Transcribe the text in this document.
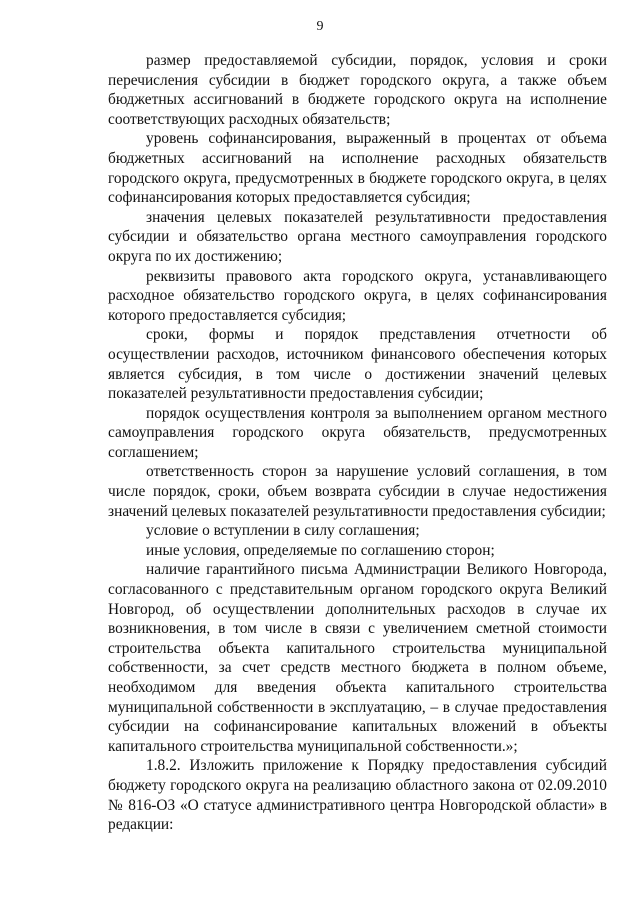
9

размер предоставляемой субсидии, порядок, условия и сроки перечисления субсидии в бюджет городского округа, а также объем бюджетных ассигнований в бюджете городского округа на исполнение соответствующих расходных обязательств;

уровень софинансирования, выраженный в процентах от объема бюджетных ассигнований на исполнение расходных обязательств городского округа, предусмотренных в бюджете городского округа, в целях софинансирования которых предоставляется субсидия;

значения целевых показателей результативности предоставления субсидии и обязательство органа местного самоуправления городского округа по их достижению;

реквизиты правового акта городского округа, устанавливающего расходное обязательство городского округа, в целях софинансирования которого предоставляется субсидия;

сроки, формы и порядок представления отчетности об осуществлении расходов, источником финансового обеспечения которых является субсидия, в том числе о достижении значений целевых показателей результативности предоставления субсидии;

порядок осуществления контроля за выполнением органом местного самоуправления городского округа обязательств, предусмотренных соглашением;

ответственность сторон за нарушение условий соглашения, в том числе порядок, сроки, объем возврата субсидии в случае недостижения значений целевых показателей результативности предоставления субсидии;

условие о вступлении в силу соглашения;

иные условия, определяемые по соглашению сторон;

наличие гарантийного письма Администрации Великого Новгорода, согласованного с представительным органом городского округа Великий Новгород, об осуществлении дополнительных расходов в случае их возникновения, в том числе в связи с увеличением сметной стоимости строительства объекта капитального строительства муниципальной собственности, за счет средств местного бюджета в полном объеме, необходимом для введения объекта капитального строительства муниципальной собственности в эксплуатацию, – в случае предоставления субсидии на софинансирование капитальных вложений в объекты капитального строительства муниципальной собственности.»;

1.8.2. Изложить приложение к Порядку предоставления субсидий бюджету городского округа на реализацию областного закона от 02.09.2010 № 816-ОЗ «О статусе административного центра Новгородской области» в редакции:
